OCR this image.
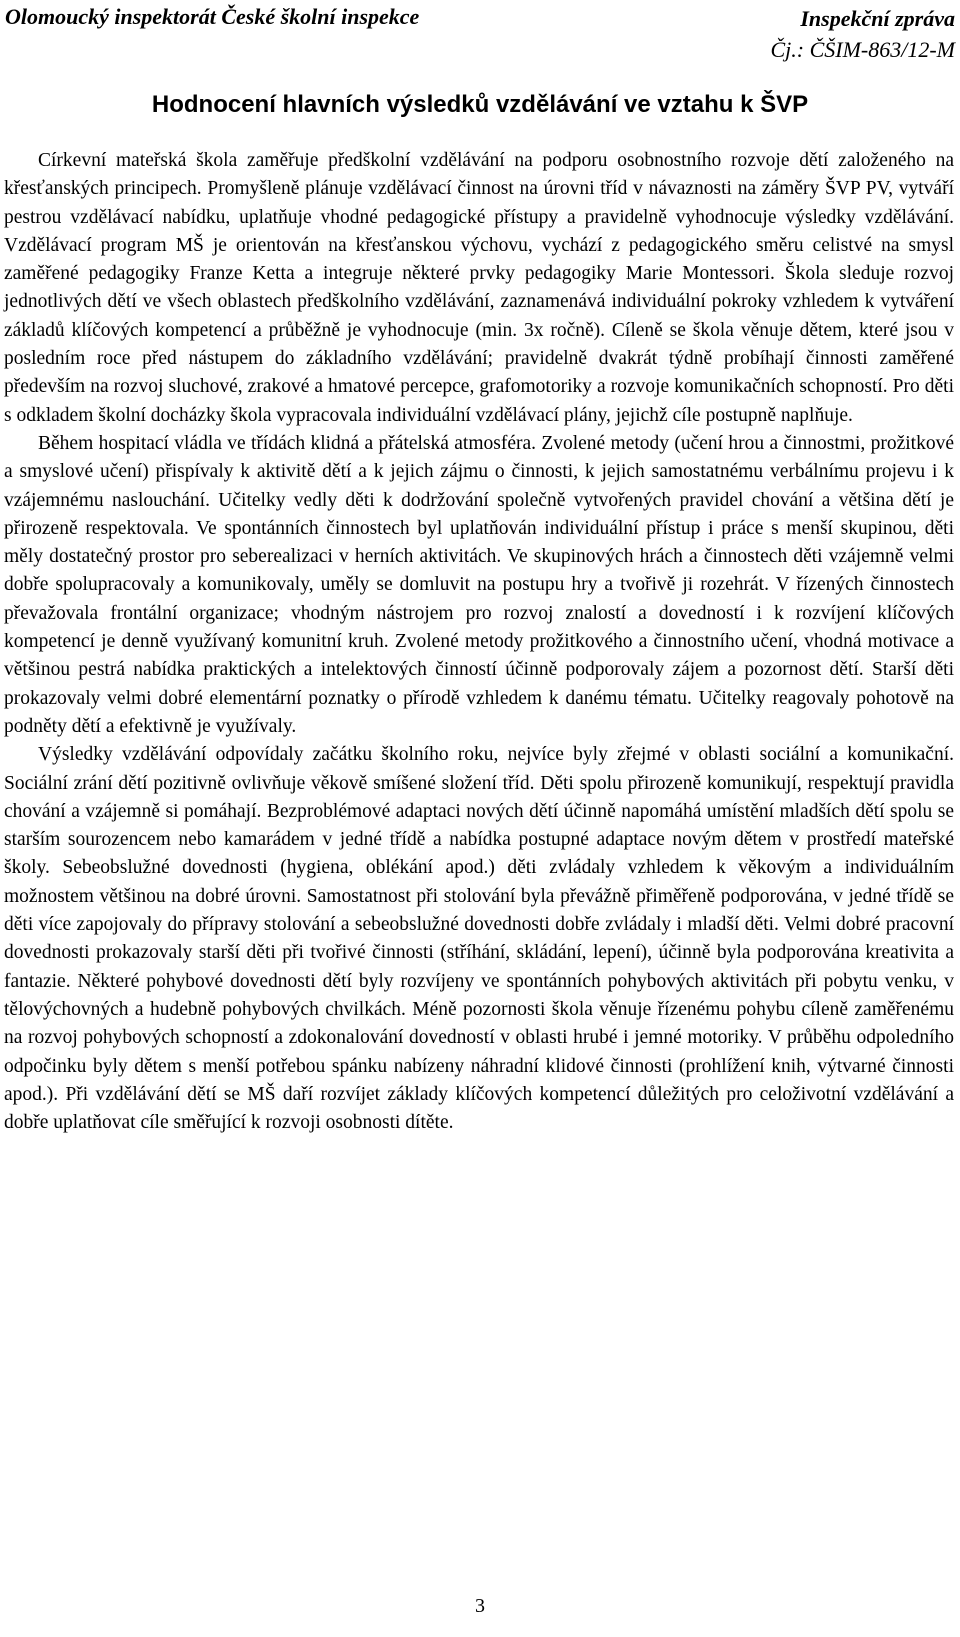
Olomoucký inspektorát České školní inspekce	Inspekční zpráva
Čj.: ČŠIM-863/12-M
Hodnocení hlavních výsledků vzdělávání ve vztahu k ŠVP

Církevní mateřská škola zaměřuje předškolní vzdělávání na podporu osobnostního rozvoje dětí založeného na křesťanských principech. Promyšleně plánuje vzdělávací činnost na úrovni tříd v návaznosti na záměry ŠVP PV, vytváří pestrou vzdělávací nabídku, uplatňuje vhodné pedagogické přístupy a pravidelně vyhodnocuje výsledky vzdělávání. Vzdělávací program MŠ je orientován na křesťanskou výchovu, vychází z pedagogického směru celistvé na smysl zaměřené pedagogiky Franze Ketta a integruje některé prvky pedagogiky Marie Montessori. Škola sleduje rozvoj jednotlivých dětí ve všech oblastech předškolního vzdělávání, zaznamenává individuální pokroky vzhledem k vytváření základů klíčových kompetencí a průběžně je vyhodnocuje (min. 3x ročně). Cíleně se škola věnuje dětem, které jsou v posledním roce před nástupem do základního vzdělávání; pravidelně dvakrát týdně probíhají činnosti zaměřené především na rozvoj sluchové, zrakové a hmatové percepce, grafomotoriky a rozvoje komunikačních schopností. Pro děti s odkladem školní docházky škola vypracovala individuální vzdělávací plány, jejichž cíle postupně naplňuje.

Během hospitací vládla ve třídách klidná a přátelská atmosféra. Zvolené metody (učení hrou a činnostmi, prožitkové a smyslové učení) přispívaly k aktivitě dětí a k jejich zájmu o činnosti, k jejich samostatnému verbálnímu projevu i k vzájemnému naslouchání. Učitelky vedly děti k dodržování společně vytvořených pravidel chování a většina dětí je přirozeně respektovala. Ve spontánních činnostech byl uplatňován individuální přístup i práce s menší skupinou, děti měly dostatečný prostor pro seberealizaci v herních aktivitách. Ve skupinových hrách a činnostech děti vzájemně velmi dobře spolupracovaly a komunikovaly, uměly se domluvit na postupu hry a tvořivě ji rozehrát. V řízených činnostech převažovala frontální organizace; vhodným nástrojem pro rozvoj znalostí a dovedností i k rozvíjení klíčových kompetencí je denně využívaný komunitní kruh. Zvolené metody prožitkového a činnostního učení, vhodná motivace a většinou pestrá nabídka praktických a intelektových činností účinně podporovaly zájem a pozornost dětí. Starší děti prokazovaly velmi dobré elementární poznatky o přírodě vzhledem k danému tématu. Učitelky reagovaly pohotově na podněty dětí a efektivně je využívaly.

Výsledky vzdělávání odpovídaly začátku školního roku, nejvíce byly zřejmé v oblasti sociální a komunikační. Sociální zrání dětí pozitivně ovlivňuje věkově smíšené složení tříd. Děti spolu přirozeně komunikují, respektují pravidla chování a vzájemně si pomáhají. Bezproblémové adaptaci nových dětí účinně napomáhá umístění mladších dětí spolu se starším sourozencem nebo kamarádem v jedné třídě a nabídka postupné adaptace novým dětem v prostředí mateřské školy. Sebeobslužné dovednosti (hygiena, oblékání apod.) děti zvládaly vzhledem k věkovým a individuálním možnostem většinou na dobré úrovni. Samostatnost při stolování byla převážně přiměřeně podporována, v jedné třídě se děti více zapojovaly do přípravy stolování a sebeobslužné dovednosti dobře zvládaly i mladší děti. Velmi dobré pracovní dovednosti prokazovaly starší děti při tvořivé činnosti (stříhání, skládání, lepení), účinně byla podporována kreativita a fantazie. Některé pohybové dovednosti dětí byly rozvíjeny ve spontánních pohybových aktivitách při pobytu venku, v tělovýchovných a hudebně pohybových chvilkách. Méně pozornosti škola věnuje řízenému pohybu cíleně zaměřenému na rozvoj pohybových schopností a zdokonalování dovedností v oblasti hrubé i jemné motoriky. V průběhu odpoledního odpočinku byly dětem s menší potřebou spánku nabízeny náhradní klidové činnosti (prohlížení knih, výtvarné činnosti apod.). Při vzdělávání dětí se MŠ daří rozvíjet základy klíčových kompetencí důležitých pro celoživotní vzdělávání a dobře uplatňovat cíle směřující k rozvoji osobnosti dítěte.

3
